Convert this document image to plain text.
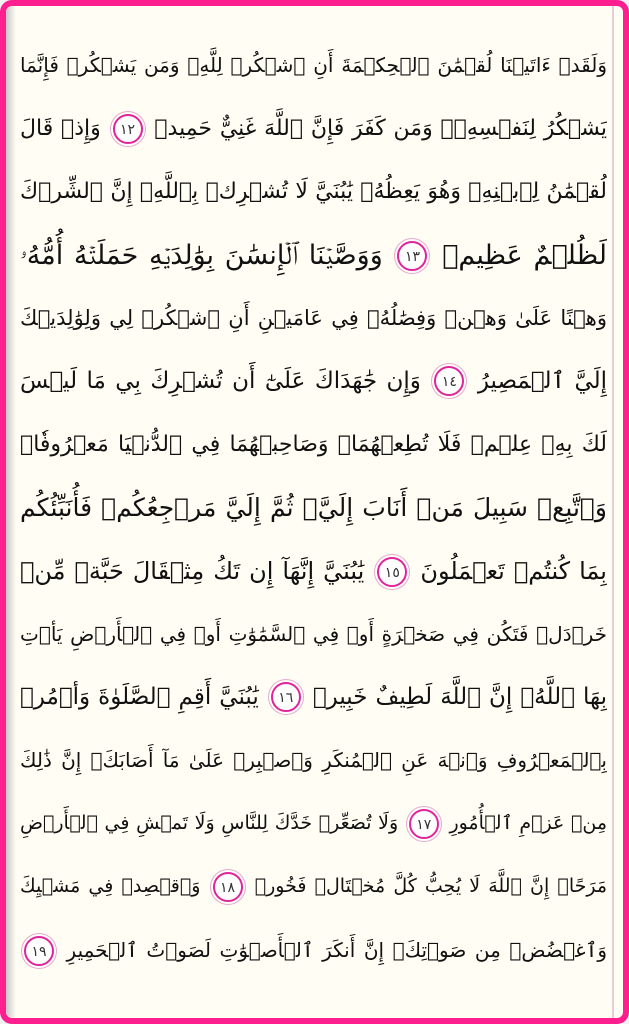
وَلَقَدۡ ءَاتَيۡنَا لُقۡمَٰنَ ٱلۡحِكۡمَةَ أَنِ ٱشۡكُرۡ لِلَّهِۚ وَمَن يَشۡكُرۡ فَإِنَّمَا
يَشۡكُرُ لِنَفۡسِهِۦۖ وَمَن كَفَرَ فَإِنَّ ٱللَّهَ غَنِيٌّ حَمِيدٞ ١٢ وَإِذۡ قَالَ
لُقۡمَٰنُ لِٱبۡنِهِۦ وَهُوَ يَعِظُهُۥ يَٰبُنَيَّ لَا تُشۡرِكۡ بِٱللَّهِۖ إِنَّ ٱلشِّرۡكَ
لَظُلۡمٌ عَظِيمٞ ١٣ وَوَصَّيۡنَا ٱلۡإِنسَٰنَ بِوَٰلِدَيۡهِ حَمَلَتۡهُ أُمُّهُۥ
وَهۡنًا عَلَىٰ وَهۡنٖ وَفِصَٰلُهُۥ فِي عَامَيۡنِ أَنِ ٱشۡكُرۡ لِي وَلِوَٰلِدَيۡكَ
إِلَيَّ ٱلۡمَصِيرُ ١٤ وَإِن جَٰهَدَاكَ عَلَىٰٓ أَن تُشۡرِكَ بِي مَا لَيۡسَ
لَكَ بِهِۦ عِلۡمٞ فَلَا تُطِعۡهُمَاۖ وَصَاحِبۡهُمَا فِي ٱلدُّنۡيَا مَعۡرُوفٗاۖ
وَٱتَّبِعۡ سَبِيلَ مَنۡ أَنَابَ إِلَيَّۚ ثُمَّ إِلَيَّ مَرۡجِعُكُمۡ فَأُنَبِّئُكُم
بِمَا كُنتُمۡ تَعۡمَلُونَ ١٥ يَٰبُنَيَّ إِنَّهَآ إِن تَكُ مِثۡقَالَ حَبَّةٖ مِّنۡ
خَرۡدَلٖ فَتَكُن فِي صَخۡرَةٍ أَوۡ فِي ٱلسَّمَٰوَٰتِ أَوۡ فِي ٱلۡأَرۡضِ يَأۡتِ
بِهَا ٱللَّهُۚ إِنَّ ٱللَّهَ لَطِيفٌ خَبِيرٞ ١٦ يَٰبُنَيَّ أَقِمِ ٱلصَّلَوٰةَ وَأۡمُرۡ
بِٱلۡمَعۡرُوفِ وَٱنۡهَ عَنِ ٱلۡمُنكَرِ وَٱصۡبِرۡ عَلَىٰ مَآ أَصَابَكَۖ إِنَّ ذَٰلِكَ
مِنۡ عَزۡمِ ٱلۡأُمُورِ ١٧ وَلَا تُصَعِّرۡ خَدَّكَ لِلنَّاسِ وَلَا تَمۡشِ فِي ٱلۡأَرۡضِ
مَرَحًاۖ إِنَّ ٱللَّهَ لَا يُحِبُّ كُلَّ مُخۡتَالٖ فَخُورٖ ١٨ وَٱقۡصِدۡ فِي مَشۡيِكَ
وَٱغۡضُضۡ مِن صَوۡتِكَۚ إِنَّ أَنكَرَ ٱلۡأَصۡوَٰتِ لَصَوۡتُ ٱلۡحَمِيرِ ١٩
